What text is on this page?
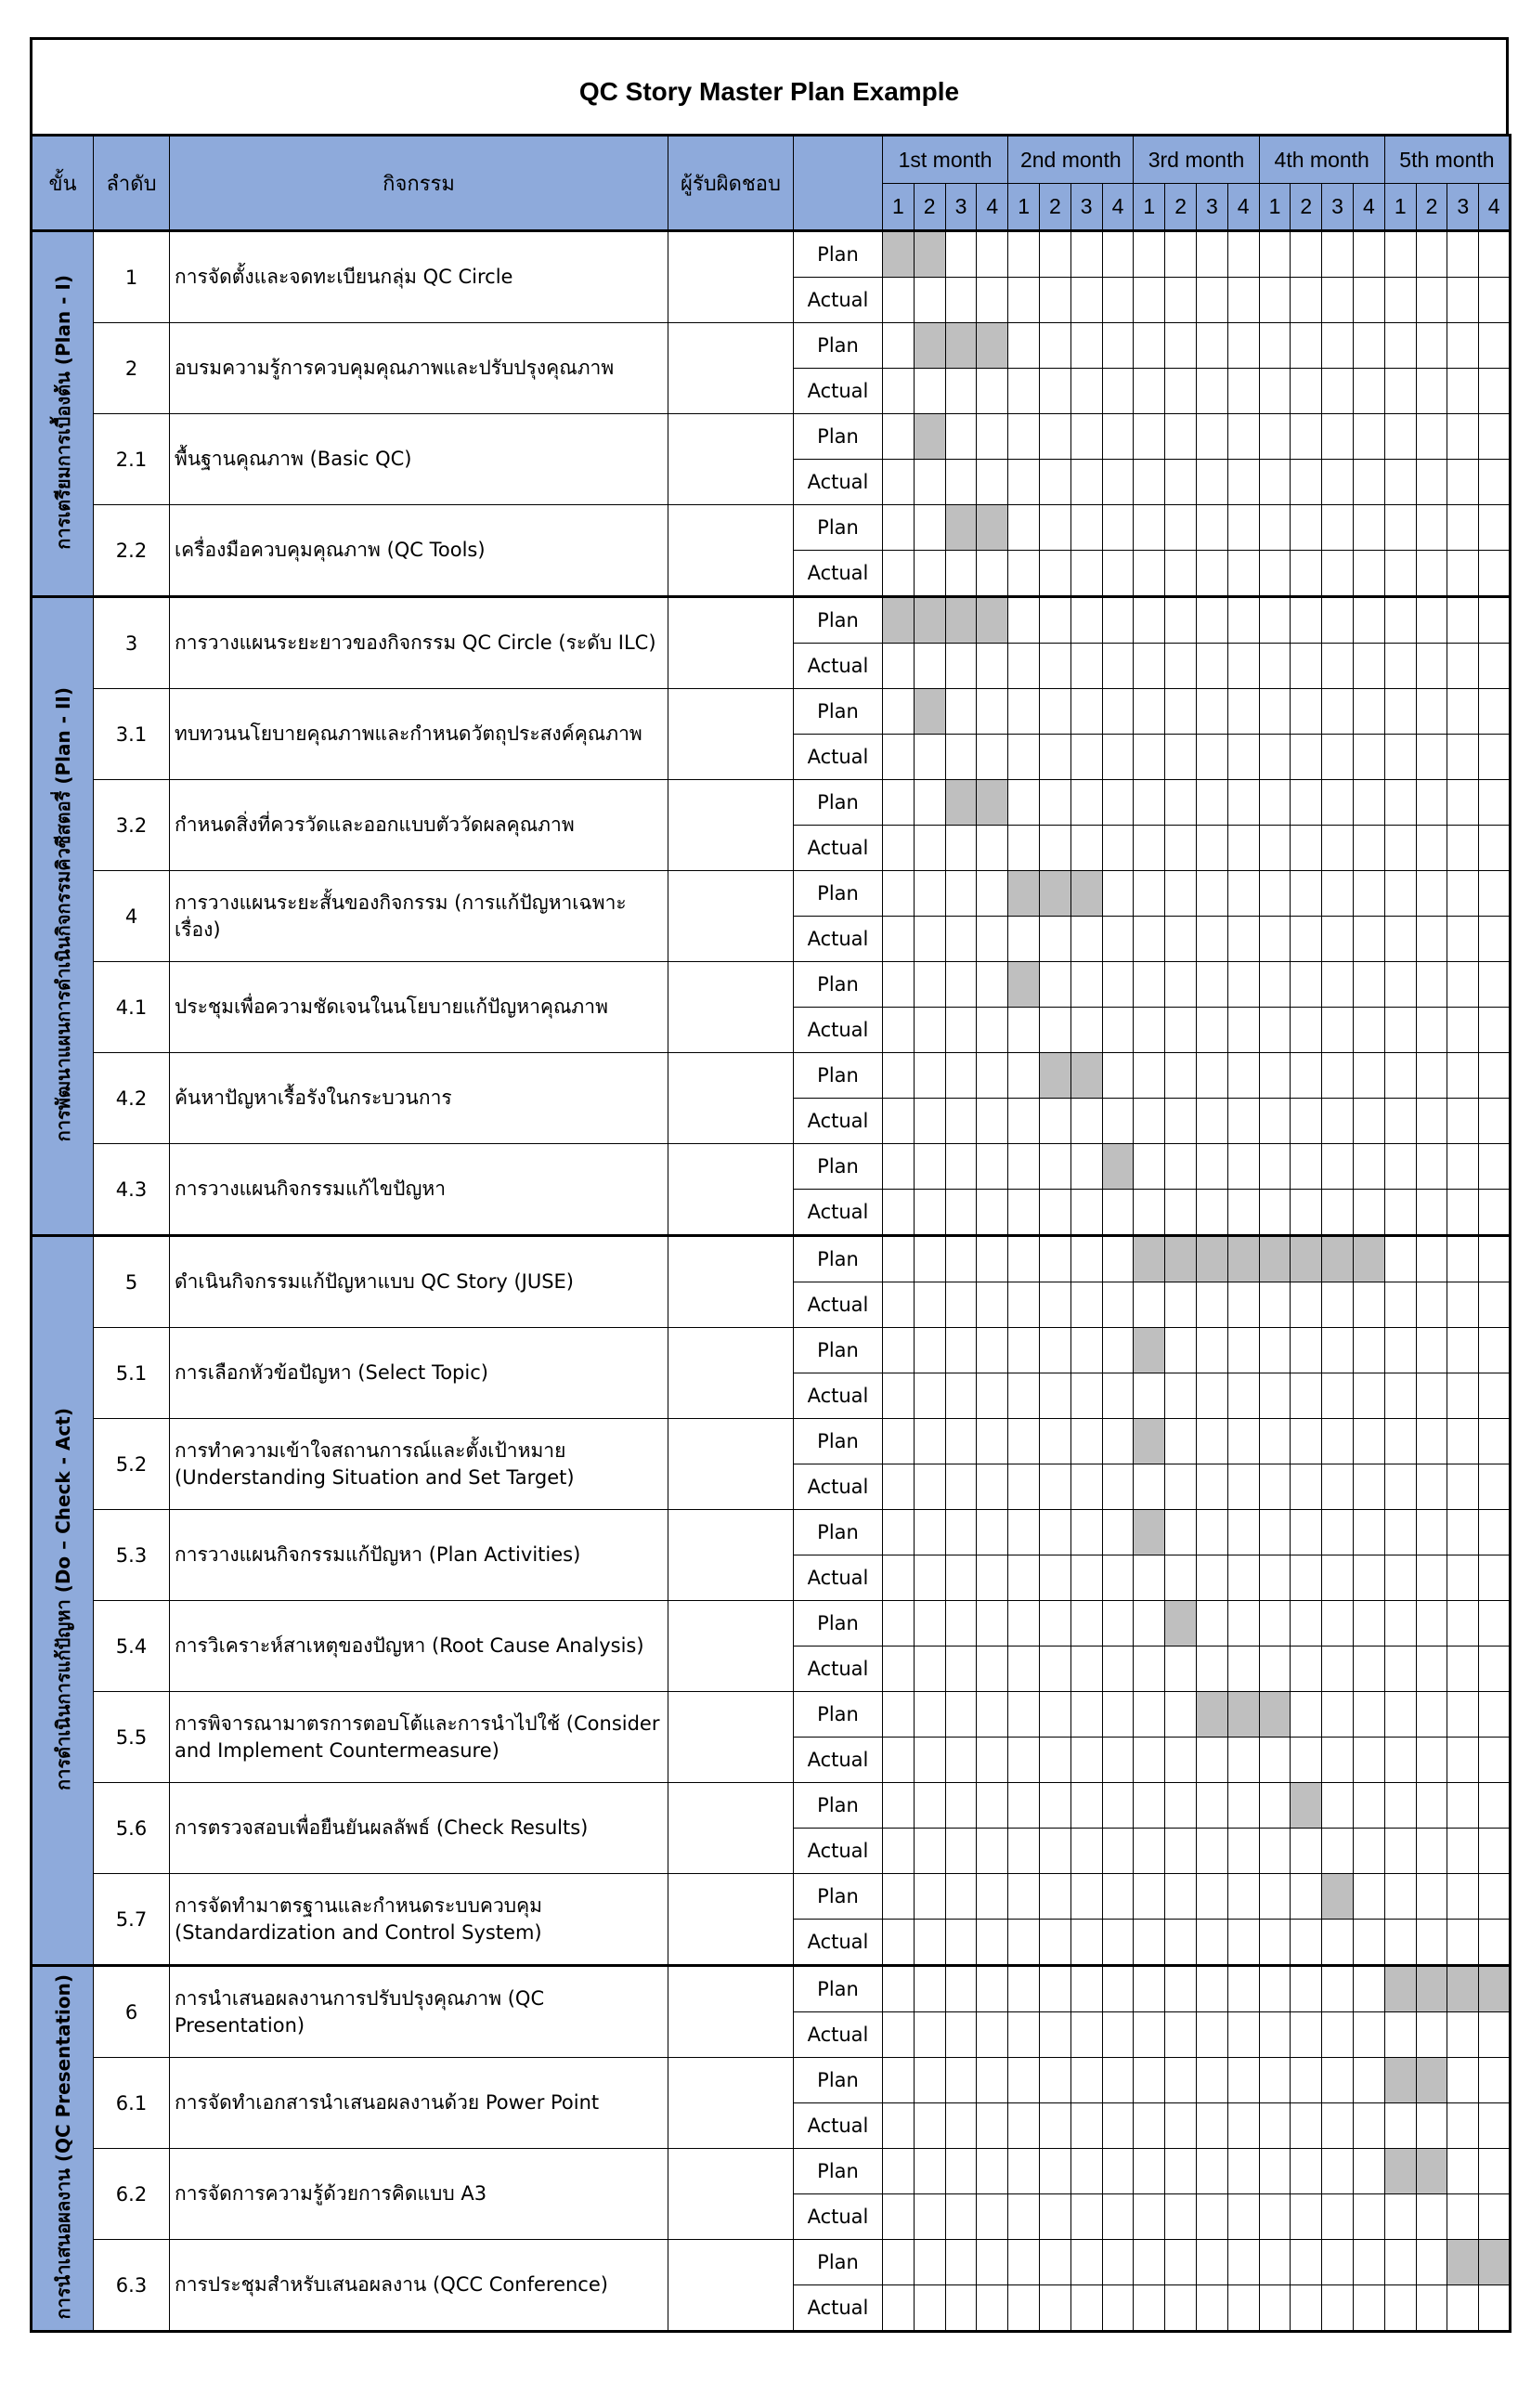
QC Story Master Plan Example
ขั้น	ลำดับ	กิจกรรม	ผู้รับผิดชอบ		1st month				2nd month				3rd month				4th month				5th month			
					1	2	3	4	1	2	3	4	1	2	3	4	1	2	3	4	1	2	3	4
การเตรียมการเบื้องต้น (Plan - I)	1	การจัดตั้งและจดทะเบียนกลุ่ม QC Circle		Plan																				
				Actual																				
	2	อบรมความรู้การควบคุมคุณภาพและปรับปรุงคุณภาพ		Plan																				
				Actual																				
	2.1	พื้นฐานคุณภาพ (Basic QC)		Plan																				
				Actual																				
	2.2	เครื่องมือควบคุมคุณภาพ (QC Tools)		Plan																				
				Actual																				
การพัฒนาแผนการดำเนินกิจกรรมคิวซีสตอรี่ (Plan - II)	3	การวางแผนระยะยาวของกิจกรรม QC Circle (ระดับ ILC)		Plan																				
				Actual																				
	3.1	ทบทวนนโยบายคุณภาพและกำหนดวัตถุประสงค์คุณภาพ		Plan																				
				Actual																				
	3.2	กำหนดสิ่งที่ควรวัดและออกแบบตัววัดผลคุณภาพ		Plan																				
				Actual																				
	4	การวางแผนระยะสั้นของกิจกรรม (การแก้ปัญหาเฉพาะเรื่อง)		Plan																				
				Actual																				
	4.1	ประชุมเพื่อความชัดเจนในนโยบายแก้ปัญหาคุณภาพ		Plan																				
				Actual																				
	4.2	ค้นหาปัญหาเรื้อรังในกระบวนการ		Plan																				
				Actual																				
	4.3	การวางแผนกิจกรรมแก้ไขปัญหา		Plan																				
				Actual																				
การดำเนินการแก้ปัญหา (Do – Check - Act)	5	ดำเนินกิจกรรมแก้ปัญหาแบบ QC Story (JUSE)		Plan																				
				Actual																				
	5.1	การเลือกหัวข้อปัญหา (Select Topic)		Plan																				
				Actual																				
	5.2	การทำความเข้าใจสถานการณ์และตั้งเป้าหมาย (Understanding Situation and Set Target)		Plan																				
				Actual																				
	5.3	การวางแผนกิจกรรมแก้ปัญหา (Plan Activities)		Plan																				
				Actual																				
	5.4	การวิเคราะห์สาเหตุของปัญหา (Root Cause Analysis)		Plan																				
				Actual																				
	5.5	การพิจารณามาตรการตอบโต้และการนำไปใช้ (Consider and Implement Countermeasure)		Plan																				
				Actual																				
	5.6	การตรวจสอบเพื่อยืนยันผลลัพธ์ (Check Results)		Plan																				
				Actual																				
	5.7	การจัดทำมาตรฐานและกำหนดระบบควบคุม (Standardization and Control System)		Plan																				
				Actual																				
การนำเสนอผลงาน (QC Presentation)	6	การนำเสนอผลงานการปรับปรุงคุณภาพ (QC Presentation)		Plan																				
				Actual																				
	6.1	การจัดทำเอกสารนำเสนอผลงานด้วย Power Point		Plan																				
				Actual																				
	6.2	การจัดการความรู้ด้วยการคิดแบบ A3		Plan																				
				Actual																				
	6.3	การประชุมสำหรับเสนอผลงาน (QCC Conference)		Plan																				
				Actual																				
